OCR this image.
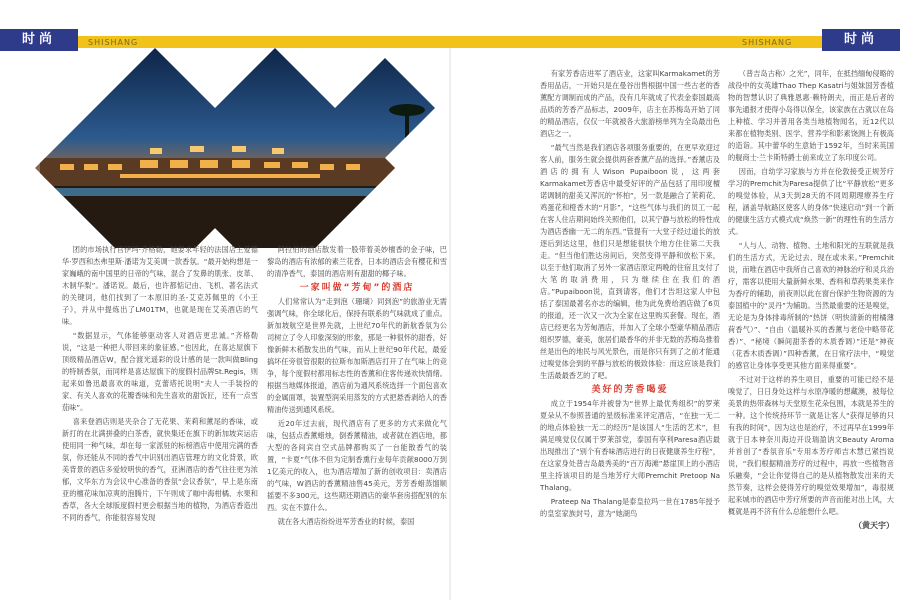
时尚	SHISHANG	SHISHANG	时尚

团的市场执行官伊玛·齐格勒，她要求年轻的法国店主爱德华·罗西和杰弗里斯·潘诺为艾美调一款香氛。“最开始构想是一家巍峨的南中国里的日帝的气味，混合了发鼻的肌张、皮革、木制华梨”。潘诺说。最后，也许都惦记由、飞机、著名法式的关键词，他们找到了一本原旧的圣-艾克苏佩里的《小王子》，并从中提炼出了LM01TM，也就是现在艾美酒店的气味。

“数据显示，气体能够驱动客人对酒店更忠诚。”齐格勒说，“这是一种把人带回来的象征感。”也因此，在喜达屋旗下顶级精品酒店W，配合渡光遥彩的设计感的是一款叫做Bling的特制香氛，而同样是喜达屋旗下的度假村品牌St.Regis，则起来如鲁迅最喜欢的味道，克蕾塔托说明“夫人一手装扮的家、有关人喜欢的花瓣香味和先生喜欢的甜饭匠，还有一点雪茄味”。

喜来登酒店则是夹杂合了无花果、茉莉和薰尾的香味，或新打的在北满拼叠的白茶香，就快集还在旗下的新加坡宾运店使用同一种气味，却在每一家派驻的标榜酒店中使用完满的香氛，你还能从不同的香气中识别出酒店管理方的文化背景，欧美背景的酒店多爱较明快的香气，亚洲酒店的香气往往更为浓郁，文华东方为会议中心准备的香氛“会议香氛”，早上是东南亚的檀花味加凉爽的泡腾片，下午则成了咖中海柑橘、水果和香草，各大全球版度假村更会根据当地的植物，为酒店香造出不同的香气，你能很容易发现

阿拉伯的酒店散发着一股带着美妙檀香的金子味，巴黎岛的酒店有浓郁的素兰花香，日本的酒店会有樱花和雪的清净香气，泰国的酒店则有甜甜的椰子味。

一家叫做“芳甸”的酒店

人们常常认为“走到泡（珊瑚）同到泡”的旅游业无需强调气味，你全球化后，保持有联系的气味就成了重点。新加坡航空是世界先就，上世纪70年代的新航香氛为公司树立了令人印象深刻的形象，那是一种很怀的甜香，好像新鲜木稻散发出的气味，而从上世纪90年代起，最爱搞坏任旁很管很限的拉斯布加斯酒店打开了在气味上的竞争，每个度假村都用标志性的香薰和住客传递欢快情绪。根据当地媒体报道，酒店前为通风系统选择一个面包喜欢的金属面罩，装置型润采用蒸发的方式把悬香剥给人的香精油传送到通风系统。

近20年过去前，现代酒店有了更多的方式来做化气味，包括点香薰蜡烛，倒香薰精油，或者就在酒店地，都大型的各间宾自空式品牌都购买了一台能散香气的装置，“卡夏”气体不但为定制香熏行业每年贡献8000万到1亿美元的收入，也为酒店增加了新的创收项目：卖酒店的气味，W酒店的香薰精油售45美元，芳芳香蜡蒸馏顺摇要不多300元，这些期还期酒店的豪华套房搭配别的东西。实在不算什么。

就在各大酒店纷纷进军芳香业的时候，泰国

有家芳香店进军了酒店业，这家叫Karmakamet的芳香用品店，一开始只是在曼谷出售根据中国一些古老的香薰配方调制而成的产品，没有几年就成了代表金泰国最高品质的芳香产品标志，2009年，店主在苏梅岛开始了同的精品酒店，仅仅一年就被各大旅游榜单列为全岛最出色酒店之一。

“最气当然是我们酒店各项服务重要的，在更早欢迎过客人前，服务生就会提供两套香薰产品的选择。”香薰店及酒店的拥有人Wison Pupaiboon说，这两套Karmakamet芳香店中最受好评的产品包括了用印度檀诺调制的甜美又浑沉的“怀柏”，另一款是融合了茉莉花、鸡蛋花和橙香木的“月影”，“这些气体与我们的员工一起在客人住店期间始终关照他们，以其宁静与放松的特性成为酒店香幽一无二的东西。”管提有一大堂子经过道长的放逐后到达这里，他们只是想能很快个地方住住第二天我走。“但当他们胜达房间后，突然变得平静和放松下来，以至于他们取消了另外一家酒店原定两晚的住宿且支付了大笔的取消费用，只为继续住在我们的酒店。”Pupaiboon说，直到请客，他们才告坦这家人中包括了泰国最著名亦志的编辑，他为此免费给酒店做了6页的报道，还一次又一次为全家在这里购买套餐。现在，酒店已经更名为芳甸酒店，并加入了全球小型豪华精品酒店组织罗德，豪美，旅居们最香华的并非无数的苏梅岛推着丝是出色的地民与风光景色，而是你只有到了之前才能通过嗅觉体会到的平静与放松的极致体验：而这应该是我们生活最最香艺的了吧。

美好的芳香喝爱

成立于1954年并被誉为“世界上最优秀组织”的罗莱夏朵从不参照普通的星级标准来评定酒店，“在独一无二的地点体验独一无二的经历”是该国人“生活的艺术”，但满足嗅觉仅仅属于罗莱部党，泰国有享利Paresa酒店最出现推出了“别个有香味酒店进行的日夜健康养生疗程”，在这家身处普吉岛最秀美的“百万海滩”悬崖顶上的小酒店里主持该项目的是当地芳疗大师Premchit Pretoop Na Thalang。

Prateep Na Thalang是泰皇拉玛一世在1785年授予的皇室家族封号，意为“她湖鸟

（普吉岛古称）之光”，同年，在抵挡缅甸侵略的战役中的女英雄Thao Thep Kasatri与姐妹国芳香植物的智慧认识了典雅恩惠·赖特朗夫，而正是后者的事先通报才使得小岛得以保全，该家族在古就以在岛上种植、学习并普用各类当地植物闻名，近12代以来都在植物类别、医学、营养学和影素饶测上有极高的造诣。其中蕾华的生意始于1592年，当时来英国的舰商士·兰卡斯特爵士前来成立了东印度公司。

因而，自幼学习家族与方并在伦敦接受正规芳疗学习的Premchit为Paresa提供了比“平静放松”更多的嗅觉体验，从3天到28天的不同周期理療养生疗程，涵盖导航路区使客人的身体“快速启动”到一个新的健康生活方式模式成“焕然一新”的理性有的生活方式。

“人与人、动物、植物、土地和阳光的互联就是我们的生活方式，无论过去、现在或未来。”Premchit说，而唯在酒店中我所自己喜欢的神脉治疗和灵兵治疗，需客以使用大量新鲜水果、香料和草药果类来作为香疗的辅助，前夜则以此在窗台保护生物资源的为泰国植中的“灵丹”为辅助。当然最重要的还是嗅觉，无论是为身体排毒所制的“热饼（明快清新的柑橘薄荷香气）”、“自由（温暖补买的香薰与老俭中略带花香）”、“秘境（瞬间甜茶香的木质香调）”还是“神夜（花香木质香调）”四种香薰，在日常疗法中，“嗅觉的感官让身体享受更其他方面来得重要”。

不过对于这样的养生项目，重要的可能已经不是嗅觉了，日日身处这样与水原净暖的想藏澳，被每位美景的热带森林与天堂原生花朵包围，本就是养生的一种。这个传统持环节一就是让客人“获得足够的只有我的时间”，因为这也是治疗，不过再早在1999年就于日本神奈川海边开设瑞盈讷文Beauty Aroma并首创了“香氛音乐”专用本芳疗师吉木慧已紧挡说说，“我们根据精油芳疗的过程中，再放一些植物音乐融奏，“会让你觉得自己的是从植物散发出来的天然节奏，这样会使得芳疗的嗅觉效果增加”，毒很规起来城市的酒店中芳疗所要的声音而能对出上风，大概就是再不济有什么总能想什么吧。

（黄天宇）
